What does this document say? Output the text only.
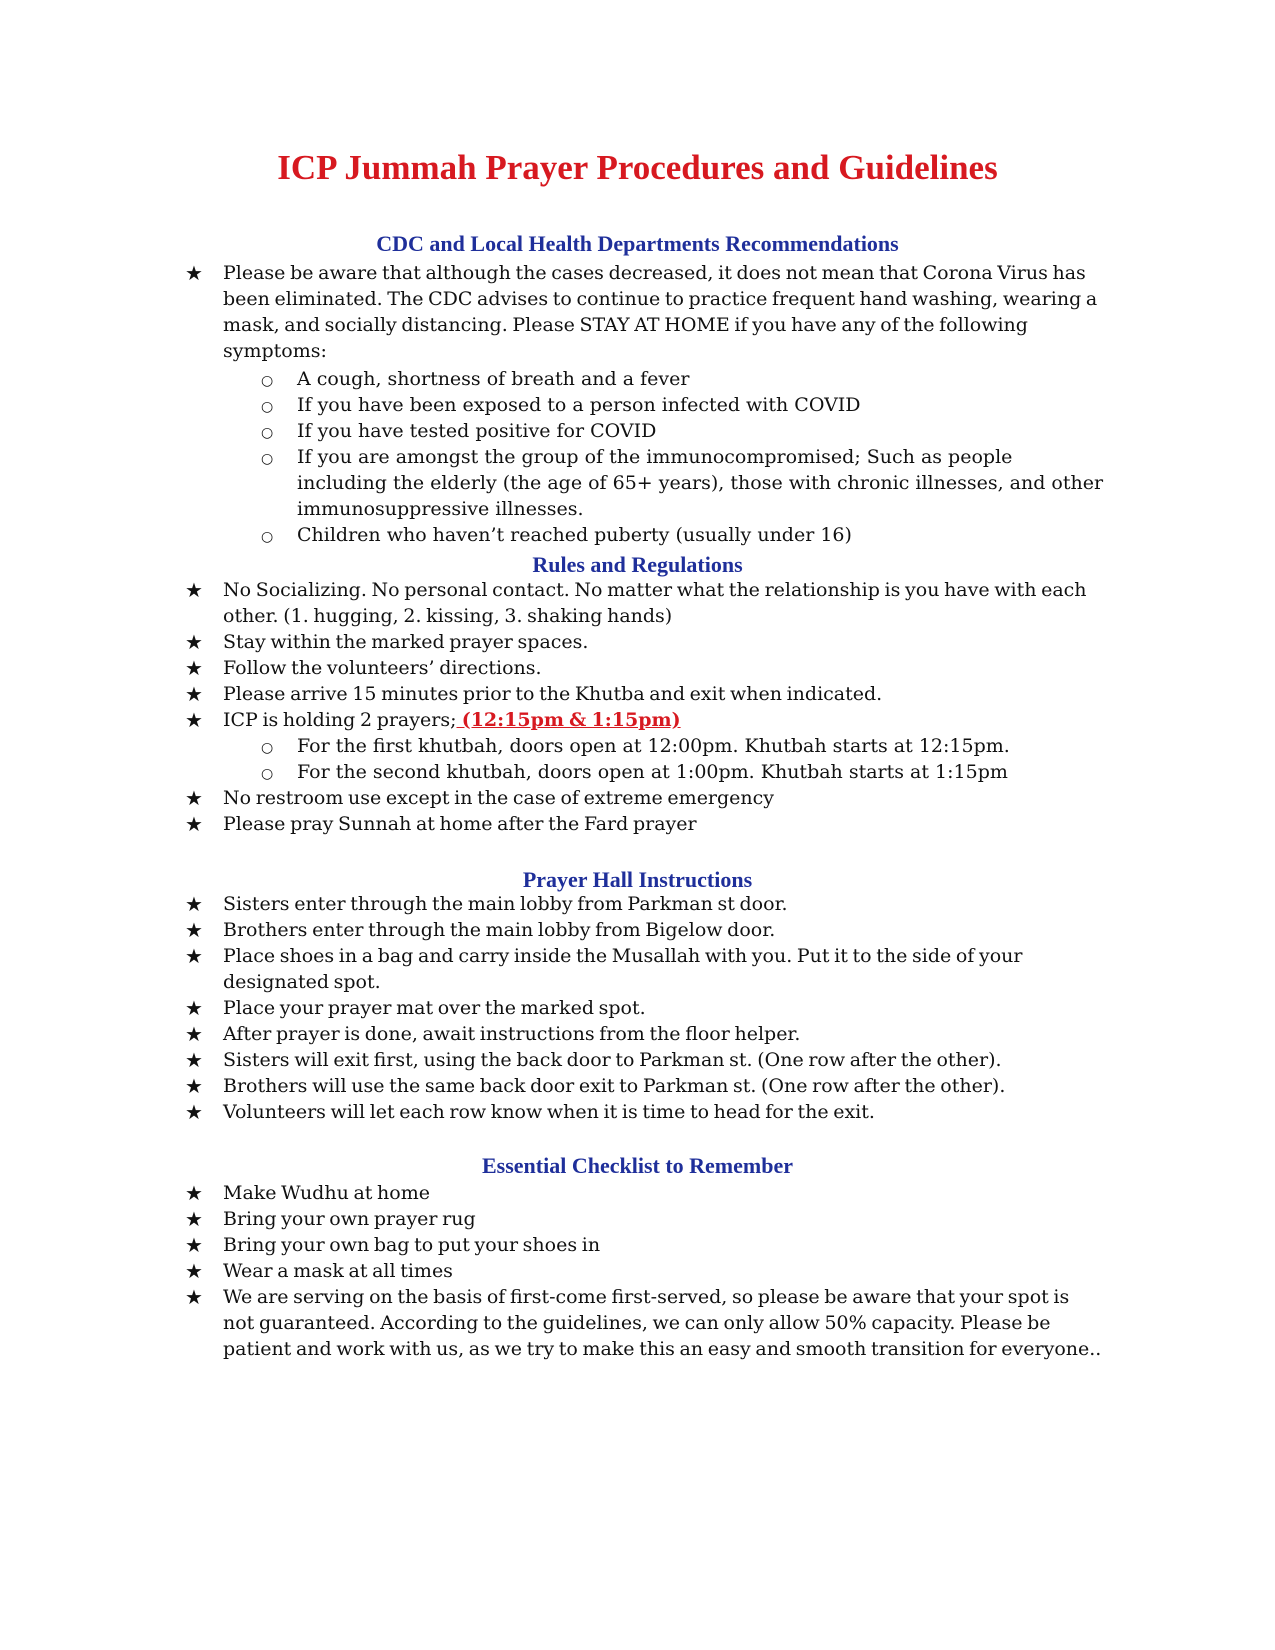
ICP Jummah Prayer Procedures and Guidelines
CDC and Local Health Departments Recommendations
★ Please be aware that although the cases decreased, it does not mean that Corona Virus has been eliminated. The CDC advises to continue to practice frequent hand washing, wearing a mask, and socially distancing. Please STAY AT HOME if you have any of the following symptoms:
○ A cough, shortness of breath and a fever
○ If you have been exposed to a person infected with COVID
○ If you have tested positive for COVID
○ If you are amongst the group of the immunocompromised; Such as people including the elderly (the age of 65+ years), those with chronic illnesses, and other immunosuppressive illnesses.
○ Children who haven’t reached puberty (usually under 16)
Rules and Regulations
★ No Socializing. No personal contact. No matter what the relationship is you have with each other. (1. hugging, 2. kissing, 3. shaking hands)
★ Stay within the marked prayer spaces.
★ Follow the volunteers’ directions.
★ Please arrive 15 minutes prior to the Khutba and exit when indicated.
★ ICP is holding 2 prayers; (12:15pm & 1:15pm)
○ For the first khutbah, doors open at 12:00pm. Khutbah starts at 12:15pm.
○ For the second khutbah, doors open at 1:00pm. Khutbah starts at 1:15pm
★ No restroom use except in the case of extreme emergency
★ Please pray Sunnah at home after the Fard prayer
Prayer Hall Instructions
★ Sisters enter through the main lobby from Parkman st door.
★ Brothers enter through the main lobby from Bigelow door.
★ Place shoes in a bag and carry inside the Musallah with you. Put it to the side of your designated spot.
★ Place your prayer mat over the marked spot.
★ After prayer is done, await instructions from the floor helper.
★ Sisters will exit first, using the back door to Parkman st. (One row after the other).
★ Brothers will use the same back door exit to Parkman st. (One row after the other).
★ Volunteers will let each row know when it is time to head for the exit.
Essential Checklist to Remember
★ Make Wudhu at home
★ Bring your own prayer rug
★ Bring your own bag to put your shoes in
★ Wear a mask at all times
★ We are serving on the basis of first-come first-served, so please be aware that your spot is not guaranteed. According to the guidelines, we can only allow 50% capacity. Please be patient and work with us, as we try to make this an easy and smooth transition for everyone..
